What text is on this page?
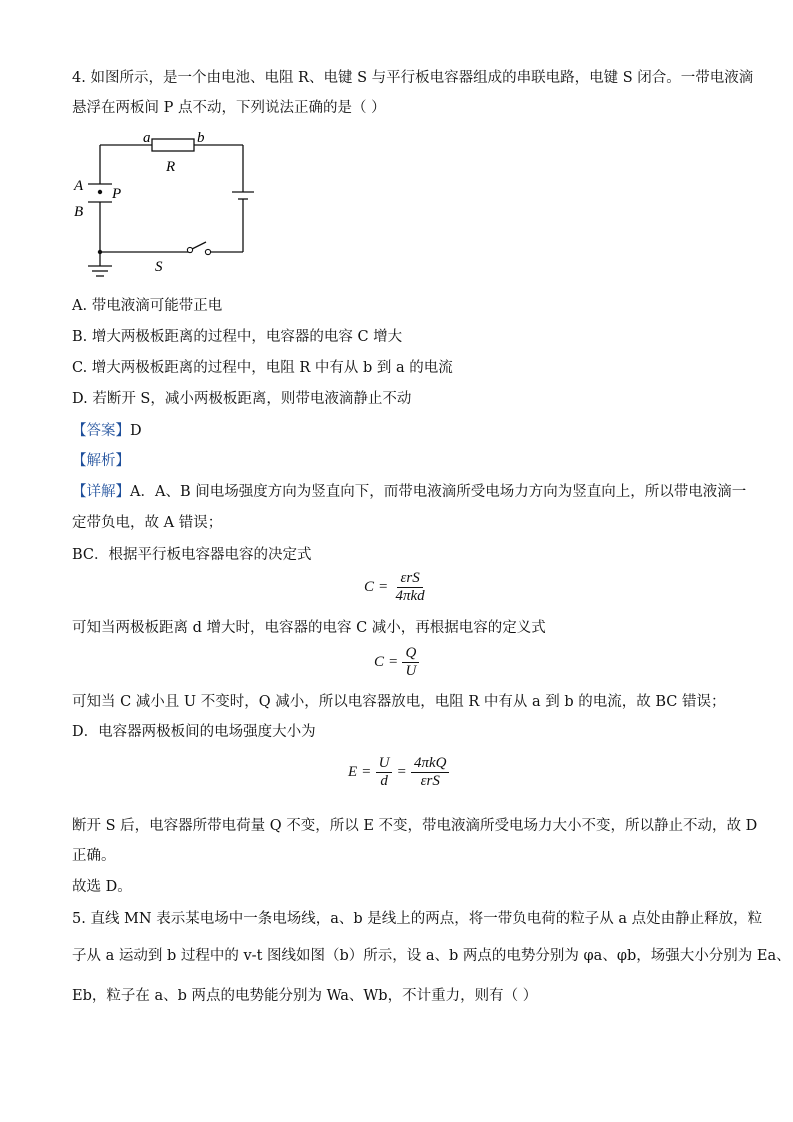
4. 如图所示，是一个由电池、电阻 R、电键 S 与平行板电容器组成的串联电路，电键 S 闭合。一带电液滴
悬浮在两板间 P 点不动，下列说法正确的是（ ）
a	b
R
A
B
P
S
A. 带电液滴可能带正电
B. 增大两极板距离的过程中，电容器的电容 C 增大
C. 增大两极板距离的过程中，电阻 R 中有从 b 到 a 的电流
D. 若断开 S，减小两极板距离，则带电液滴静止不动
【答案】D
【解析】
【详解】A．A、B 间电场强度方向为竖直向下，而带电液滴所受电场力方向为竖直向上，所以带电液滴一
定带负电，故 A 错误；
BC．根据平行板电容器电容的决定式
$C = \frac{\text{εrS}}{\text{4πkd}}$
可知当两极板距离 d 增大时，电容器的电容 C 减小，再根据电容的定义式
$C = \frac{Q}{U}$
可知当 C 减小且 U 不变时，Q 减小，所以电容器放电，电阻 R 中有从 a 到 b 的电流，故 BC 错误；
D．电容器两极板间的电场强度大小为
$E = \frac{U}{d} = \frac{\text{4πkQ}}{\text{εrS}}$
断开 S 后，电容器所带电荷量 Q 不变，所以 E 不变，带电液滴所受电场力大小不变，所以静止不动，故 D
正确。
故选 D。
5. 直线 MN 表示某电场中一条电场线，a、b 是线上的两点，将一带负电荷的粒子从 a 点处由静止释放，粒
子从 a 运动到 b 过程中的 v-t 图线如图（b）所示，设 a、b 两点的电势分别为 φa、φb，场强大小分别为 Ea、
Eb，粒子在 a、b 两点的电势能分别为 Wa、Wb，不计重力，则有（ ）
